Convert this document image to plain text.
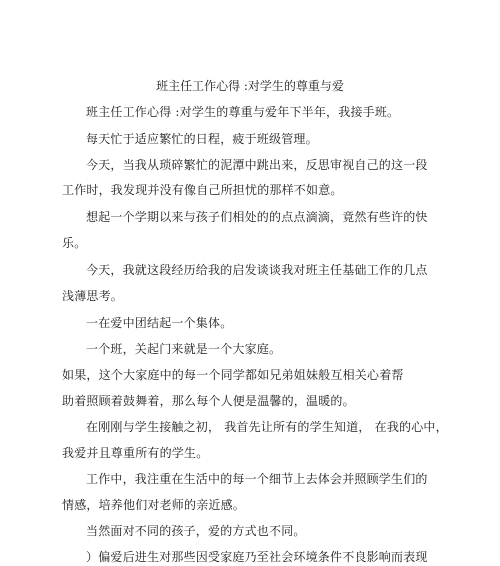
班主任工作心得 :对学生的尊重与爱
班主任工作心得 :对学生的尊重与爱年下半年，我接手班。
每天忙于适应繁忙的日程，疲于班级管理。
今天，当我从琐碎繁忙的泥潭中跳出来，反思审视自己的这一段
工作时，我发现并没有像自己所担忧的那样不如意。
想起一个学期以来与孩子们相处的的点点滴滴，竟然有些许的快
乐。
今天，我就这段经历给我的启发谈谈我对班主任基础工作的几点
浅薄思考。
一在爱中团结起一个集体。
一个班，关起门来就是一个大家庭。
如果，这个大家庭中的每一个同学都如兄弟姐妹般互相关心着帮
助着照顾着鼓舞着，那么每个人便是温馨的，温暖的。
在刚刚与学生接触之初， 我首先让所有的学生知道， 在我的心中，
我爱并且尊重所有的学生。
工作中，我注重在生活中的每一个细节上去体会并照顾学生们的
情感，培养他们对老师的亲近感。
当然面对不同的孩子，爱的方式也不同。
）偏爱后进生对那些因受家庭乃至社会环境条件不良影响而表现
